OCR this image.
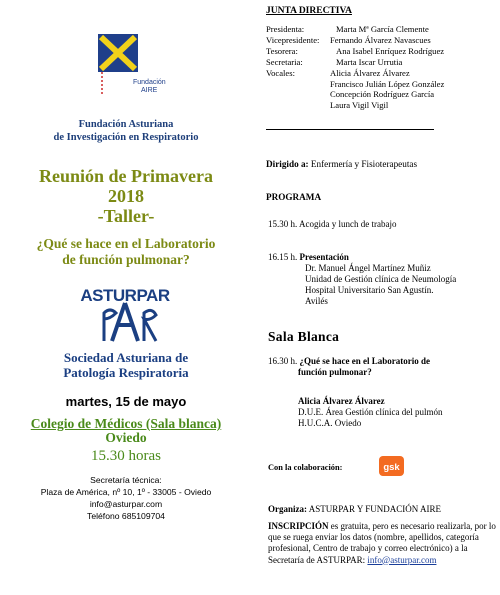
Fundación
AIRE
Fundación Asturiana
de Investigación en Respiratorio
Reunión de Primavera
2018
-Taller-
¿Qué se hace en el Laboratorio
de función pulmonar?
ASTURPAR
Sociedad Asturiana de
Patología Respiratoria
martes, 15 de mayo
Colegio de Médicos (Sala blanca)
Oviedo
15.30 horas
Secretaría técnica:
Plaza de América, nº 10, 1º - 33005 - Oviedo
info@asturpar.com
Teléfono 685109704
JUNTA DIRECTIVA
Presidenta:	Marta Mª García Clemente
Vicepresidente:	Fernando Álvarez Navascues
Tesorera:	Ana Isabel Enríquez Rodríguez
Secretaria:	Marta Iscar Urrutia
Vocales:	Alicia Álvarez Álvarez
	Francisco Julián López González
	Concepción Rodríguez García
	Laura Vigil Vigil
Dirigido a: Enfermería y Fisioterapeutas
PROGRAMA
15.30 h. Acogida y lunch de trabajo
16.15 h. Presentación
Dr. Manuel Ángel Martínez Muñiz
Unidad de Gestión clínica de Neumología
Hospital Universitario San Agustín.
Avilés
Sala Blanca
16.30 h. ¿Qué se hace en el Laboratorio de
función pulmonar?
Alicia Álvarez Álvarez
D.U.E. Área Gestión clínica del pulmón
H.U.C.A. Oviedo
Con la colaboración:	gsk
Organiza: ASTURPAR Y FUNDACIÓN AIRE
INSCRIPCIÓN es gratuita, pero es necesario realizarla, por lo que se ruega enviar los datos (nombre, apellidos, categoría profesional, Centro de trabajo y correo electrónico) a la Secretaría de ASTURPAR: info@asturpar.com
